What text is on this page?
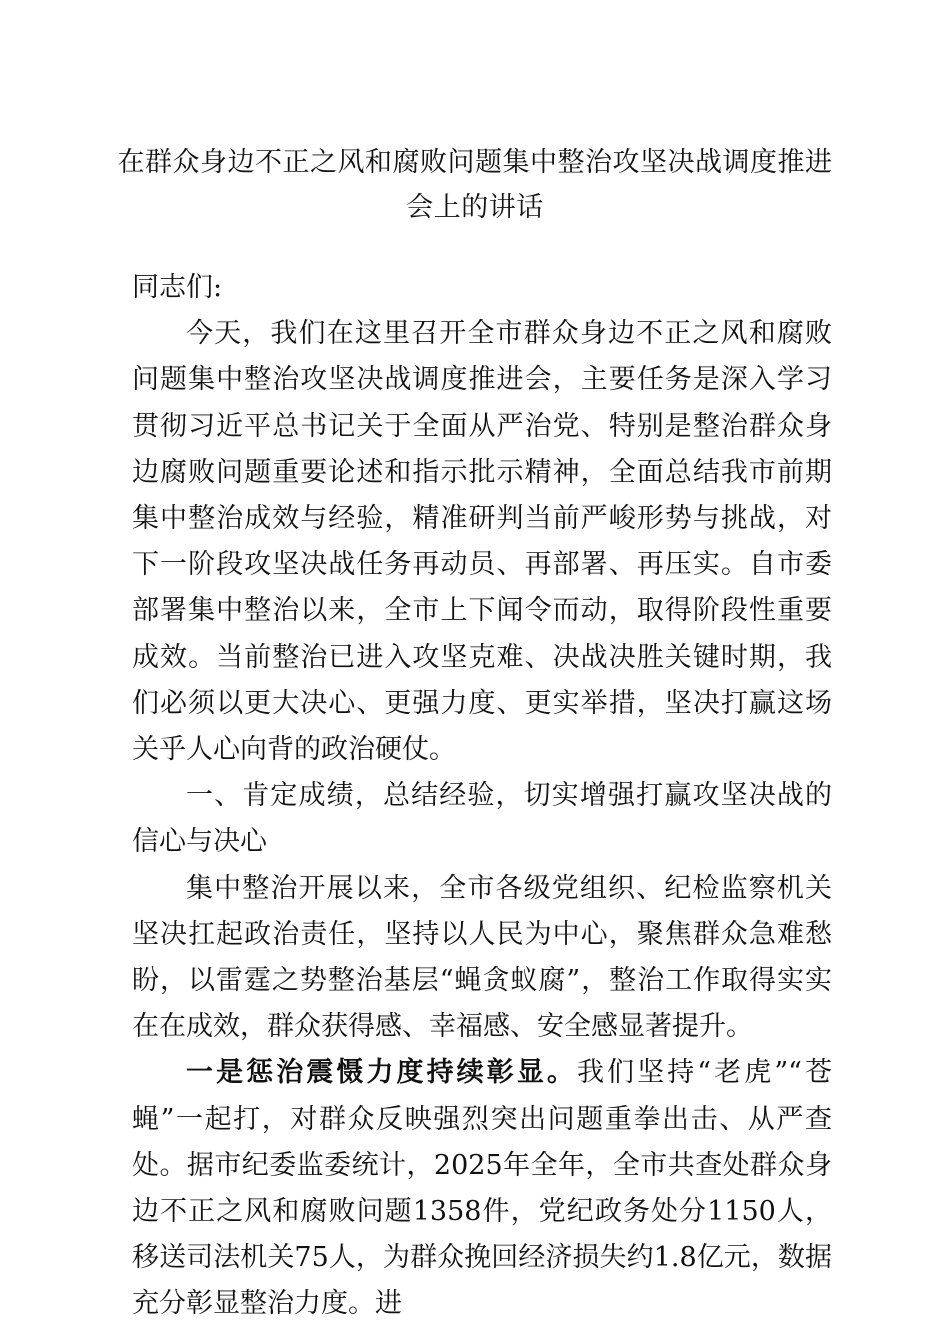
在群众身边不正之风和腐败问题集中整治攻坚决战调度推进会上的讲话

同志们:

今天，我们在这里召开全市群众身边不正之风和腐败问题集中整治攻坚决战调度推进会，主要任务是深入学习贯彻习近平总书记关于全面从严治党、特别是整治群众身边腐败问题重要论述和指示批示精神，全面总结我市前期集中整治成效与经验，精准研判当前严峻形势与挑战，对下一阶段攻坚决战任务再动员、再部署、再压实。自市委部署集中整治以来，全市上下闻令而动，取得阶段性重要成效。当前整治已进入攻坚克难、决战决胜关键时期，我们必须以更大决心、更强力度、更实举措，坚决打赢这场关乎人心向背的政治硬仗。

一、肯定成绩，总结经验，切实增强打赢攻坚决战的信心与决心

集中整治开展以来，全市各级党组织、纪检监察机关坚决扛起政治责任，坚持以人民为中心，聚焦群众急难愁盼，以雷霆之势整治基层“蝇贪蚁腐”，整治工作取得实实在在成效，群众获得感、幸福感、安全感显著提升。

一是惩治震慑力度持续彰显。我们坚持“老虎”“苍蝇”一起打，对群众反映强烈突出问题重拳出击、从严查处。据市纪委监委统计，2025年全年，全市共查处群众身边不正之风和腐败问题1358件，党纪政务处分1150人，移送司法机关75人，为群众挽回经济损失约1.8亿元，数据充分彰显整治力度。进
